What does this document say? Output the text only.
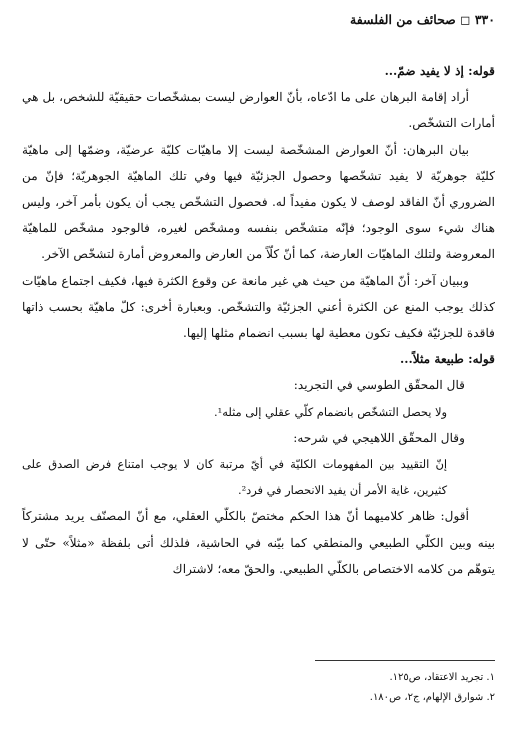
٣٣٠ ◻ صحائف من الفلسفة

قوله: إذ لا يفيد ضمّ...

أراد إقامة البرهان على ما ادّعاه، بأنّ العوارض ليست بمشخّصات حقيقيّة للشخص، بل هي أمارات التشخّص.

بيان البرهان: أنّ العوارض المشخّصة ليست إلا ماهيّات كليّة عرضيّة، وضمّها إلى ماهيّة كليّة جوهريّة لا يفيد تشخّصها وحصول الجزئيّة فيها وفي تلك الماهيّة الجوهريّة؛ فإنّ من الضروري أنّ الفاقد لوصف لا يكون مفيداً له. فحصول التشخّص يجب أن يكون بأمر آخر، وليس هناك شيء سوى الوجود؛ فإنّه متشخّص بنفسه ومشخّص لغيره، فالوجود مشخّص للماهيّة المعروضة ولتلك الماهيّات العارضة، كما أنّ كلّاً من العارض والمعروض أمارة لتشخّص الآخر.

وببيان آخر: أنّ الماهيّة من حيث هي غير مانعة عن وقوع الكثرة فيها، فكيف اجتماع ماهيّات كذلك يوجب المنع عن الكثرة أعني الجزئيّة والتشخّص. وبعبارة أخرى: كلّ ماهيّة بحسب ذاتها فاقدة للجزئيّة فكيف تكون معطية لها بسبب انضمام مثلها إليها.

قوله: طبيعة مثلاً...

قال المحقّق الطوسي في التجريد:

ولا يحصل التشخّص بانضمام كلّي عقلي إلى مثله¹.

وقال المحقّق اللاهيجي في شرحه:

إنّ التقييد بين المفهومات الكليّة في أيّ مرتبة كان لا يوجب امتناع فرض الصدق على كثيرين، غاية الأمر أن يفيد الانحصار في فرد².

أقول: ظاهر كلاميهما أنّ هذا الحكم مختصّ بالكلّي العقلي، مع أنّ المصنّف يريد مشتركاً بينه وبين الكلّي الطبيعي والمنطقي كما بيّنه في الحاشية، فلذلك أتى بلفظة «مثلاً» حتّى لا يتوهّم من كلامه الاختصاص بالكلّي الطبيعي. والحقّ معه؛ لاشتراك

١. تجريد الاعتقاد، ص١٢٥.
٢. شوارق الإلهام، ج٢، ص١٨٠.
